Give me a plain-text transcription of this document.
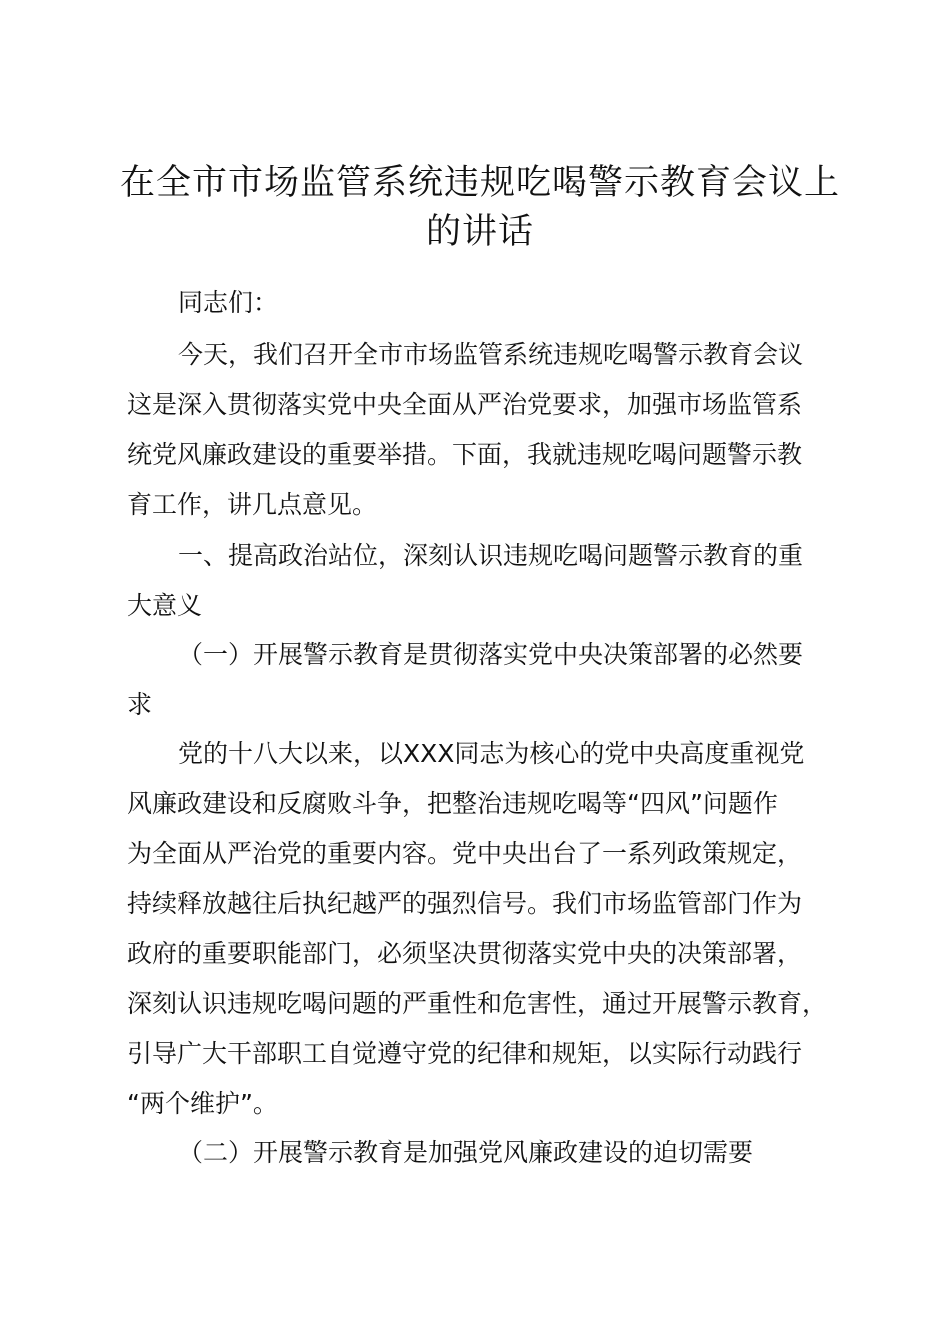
在全市市场监管系统违规吃喝警示教育会议上
的讲话
同志们：
今天，我们召开全市市场监管系统违规吃喝警示教育会议
这是深入贯彻落实党中央全面从严治党要求，加强市场监管系
统党风廉政建设的重要举措。下面，我就违规吃喝问题警示教
育工作，讲几点意见。
一、提高政治站位，深刻认识违规吃喝问题警示教育的重
大意义
（一）开展警示教育是贯彻落实党中央决策部署的必然要
求
党的十八大以来，以XXX同志为核心的党中央高度重视党
风廉政建设和反腐败斗争，把整治违规吃喝等“四风”问题作
为全面从严治党的重要内容。党中央出台了一系列政策规定，
持续释放越往后执纪越严的强烈信号。我们市场监管部门作为
政府的重要职能部门，必须坚决贯彻落实党中央的决策部署，
深刻认识违规吃喝问题的严重性和危害性，通过开展警示教育，
引导广大干部职工自觉遵守党的纪律和规矩，以实际行动践行
“两个维护”。
（二）开展警示教育是加强党风廉政建设的迫切需要
